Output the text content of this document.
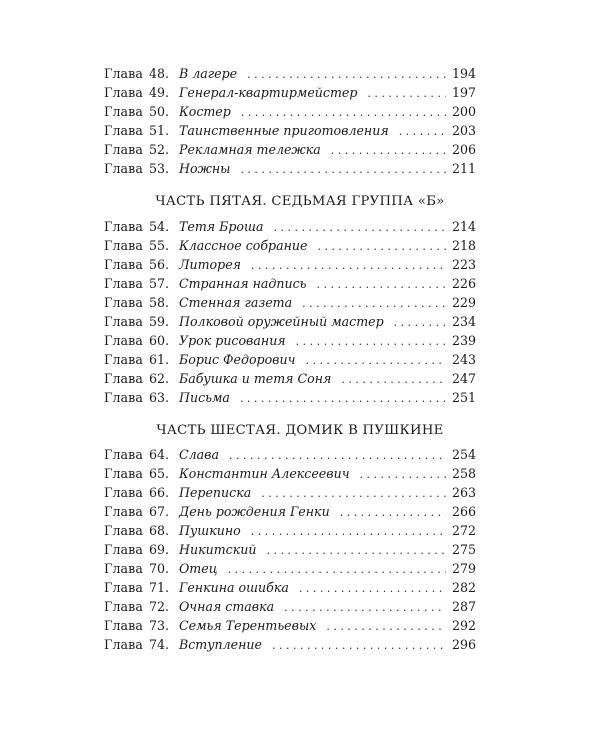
Глава 48. В лагере . . .	194
Глава 49. Генерал-квартирмейстер . . .	197
Глава 50. Костер . . .	200
Глава 51. Таинственные приготовления . . .	203
Глава 52. Рекламная тележка . . .	206
Глава 53. Ножны . . .	211
ЧАСТЬ ПЯТАЯ. СЕДЬМАЯ ГРУППА «Б»
Глава 54. Тетя Броша . . .	214
Глава 55. Классное собрание . . .	218
Глава 56. Литорея . . .	223
Глава 57. Странная надпись . . .	226
Глава 58. Стенная газета . . .	229
Глава 59. Полковой оружейный мастер . . .	234
Глава 60. Урок рисования . . .	239
Глава 61. Борис Федорович . . .	243
Глава 62. Бабушка и тетя Соня . . .	247
Глава 63. Письма . . .	251
ЧАСТЬ ШЕСТАЯ. ДОМИК В ПУШКИНЕ
Глава 64. Слава . . .	254
Глава 65. Константин Алексеевич . . .	258
Глава 66. Переписка . . .	263
Глава 67. День рождения Генки . . .	266
Глава 68. Пушкино . . .	272
Глава 69. Никитский . . .	275
Глава 70. Отец . . .	279
Глава 71. Генкина ошибка . . .	282
Глава 72. Очная ставка . . .	287
Глава 73. Семья Терентьевых . . .	292
Глава 74. Вступление . . .	296
